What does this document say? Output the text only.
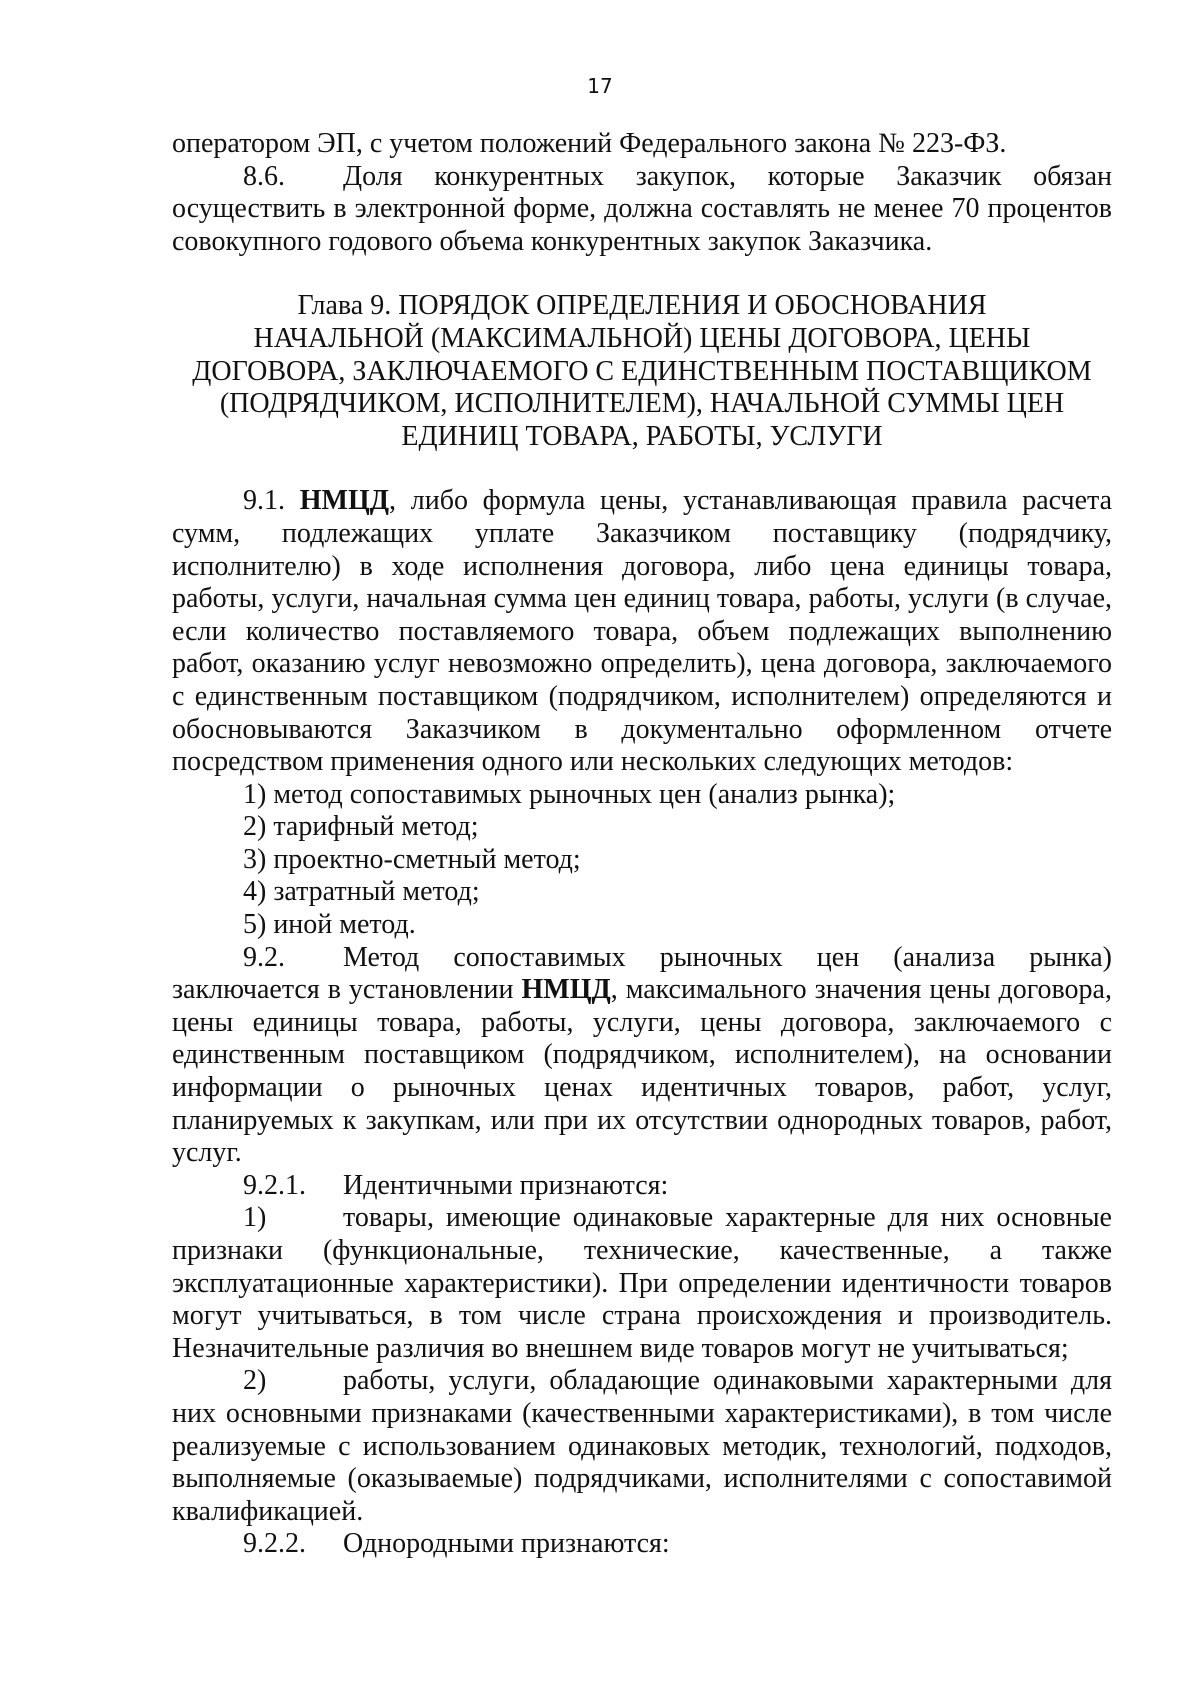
17

оператором ЭП, с учетом положений Федерального закона № 223-ФЗ.

8.6. Доля конкурентных закупок, которые Заказчик обязан осуществить в электронной форме, должна составлять не менее 70 процентов совокупного годового объема конкурентных закупок Заказчика.

Глава 9. ПОРЯДОК ОПРЕДЕЛЕНИЯ И ОБОСНОВАНИЯ
НАЧАЛЬНОЙ (МАКСИМАЛЬНОЙ) ЦЕНЫ ДОГОВОРА, ЦЕНЫ
ДОГОВОРА, ЗАКЛЮЧАЕМОГО С ЕДИНСТВЕННЫМ ПОСТАВЩИКОМ
(ПОДРЯДЧИКОМ, ИСПОЛНИТЕЛЕМ), НАЧАЛЬНОЙ СУММЫ ЦЕН
ЕДИНИЦ ТОВАРА, РАБОТЫ, УСЛУГИ

9.1. НМЦД, либо формула цены, устанавливающая правила расчета сумм, подлежащих уплате Заказчиком поставщику (подрядчику, исполнителю) в ходе исполнения договора, либо цена единицы товара, работы, услуги, начальная сумма цен единиц товара, работы, услуги (в случае, если количество поставляемого товара, объем подлежащих выполнению работ, оказанию услуг невозможно определить), цена договора, заключаемого с единственным поставщиком (подрядчиком, исполнителем) определяются и обосновываются Заказчиком в документально оформленном отчете посредством применения одного или нескольких следующих методов:

1) метод сопоставимых рыночных цен (анализ рынка);

2) тарифный метод;

3) проектно-сметный метод;

4) затратный метод;

5) иной метод.

9.2. Метод сопоставимых рыночных цен (анализа рынка) заключается в установлении НМЦД, максимального значения цены договора, цены единицы товара, работы, услуги, цены договора, заключаемого с единственным поставщиком (подрядчиком, исполнителем), на основании информации о рыночных ценах идентичных товаров, работ, услуг, планируемых к закупкам, или при их отсутствии однородных товаров, работ, услуг.

9.2.1. Идентичными признаются:

1)	товары, имеющие одинаковые характерные для них основные признаки (функциональные, технические, качественные, а также эксплуатационные характеристики). При определении идентичности товаров могут учитываться, в том числе страна происхождения и производитель. Незначительные различия во внешнем виде товаров могут не учитываться;

2)	работы, услуги, обладающие одинаковыми характерными для них основными признаками (качественными характеристиками), в том числе реализуемые с использованием одинаковых методик, технологий, подходов, выполняемые (оказываемые) подрядчиками, исполнителями с сопоставимой квалификацией.

9.2.2. Однородными признаются:
